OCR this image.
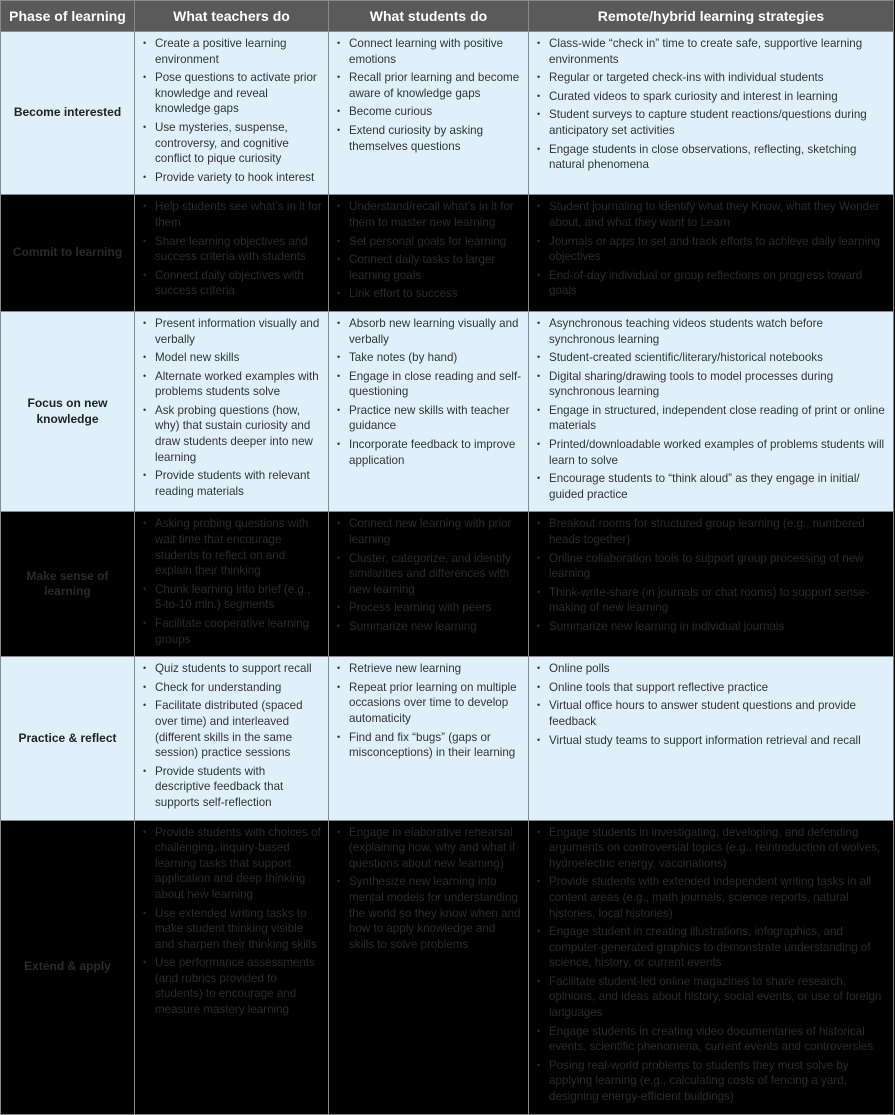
Phase of learning	What teachers do	What students do	Remote/hybrid learning strategies
Become interested	
• Create a positive learning environment
• Pose questions to activate prior knowledge and reveal knowledge gaps
• Use mysteries, suspense, controversy, and cognitive conflict to pique curiosity
• Provide variety to hook interest

• Connect learning with positive emotions
• Recall prior learning and become aware of knowledge gaps
• Become curious
• Extend curiosity by asking themselves questions

• Class-wide “check in” time to create safe, supportive learning environments
• Regular or targeted check-ins with individual students
• Curated videos to spark curiosity and interest in learning
• Student surveys to capture student reactions/questions during anticipatory set activities
• Engage students in close observations, reflecting, sketching natural phenomena

Commit to learning	
• Help students see what’s in it for them
• Share learning objectives and success criteria with students
• Connect daily objectives with success criteria

• Understand/recall what’s in it for them to master new learning
• Set personal goals for learning
• Connect daily tasks to larger learning goals
• Link effort to success

• Student journaling to identify what they Know, what they Wonder about, and what they want to Learn
• Journals or apps to set and track efforts to achieve daily learning objectives
• End-of-day individual or group reflections on progress toward goals

Focus on new knowledge	
• Present information visually and verbally
• Model new skills
• Alternate worked examples with problems students solve
• Ask probing questions (how, why) that sustain curiosity and draw students deeper into new learning
• Provide students with relevant reading materials

• Absorb new learning visually and verbally
• Take notes (by hand)
• Engage in close reading and self-questioning
• Practice new skills with teacher guidance
• Incorporate feedback to improve application

• Asynchronous teaching videos students watch before synchronous learning
• Student-created scientific/literary/historical notebooks
• Digital sharing/drawing tools to model processes during synchronous learning
• Engage in structured, independent close reading of print or online materials
• Printed/downloadable worked examples of problems students will learn to solve
• Encourage students to “think aloud” as they engage in initial/ guided practice

Make sense of learning	
• Asking probing questions with wait time that encourage students to reflect on and explain their thinking
• Chunk learning into brief (e.g., 5-to-10 min.) segments
• Facilitate cooperative learning groups

• Connect new learning with prior learning
• Cluster, categorize, and identify similarities and differences with new learning
• Process learning with peers
• Summarize new learning

• Breakout rooms for structured group learning (e.g., numbered heads together)
• Online collaboration tools to support group processing of new learning
• Think-write-share (in journals or chat rooms) to support sense-making of new learning
• Summarize new learning in individual journals

Practice & reflect	
• Quiz students to support recall
• Check for understanding
• Facilitate distributed (spaced over time) and interleaved (different skills in the same session) practice sessions
• Provide students with descriptive feedback that supports self-reflection

• Retrieve new learning
• Repeat prior learning on multiple occasions over time to develop automaticity
• Find and fix “bugs” (gaps or misconceptions) in their learning

• Online polls
• Online tools that support reflective practice
• Virtual office hours to answer student questions and provide feedback
• Virtual study teams to support information retrieval and recall

Extend & apply	
• Provide students with choices of challenging, inquiry-based learning tasks that support application and deep thinking about new learning
• Use extended writing tasks to make student thinking visible and sharpen their thinking skills
• Use performance assessments (and rubrics provided to students) to encourage and measure mastery learning

• Engage in elaborative rehearsal (explaining how, why and what if questions about new learning)
• Synthesize new learning into mental models for understanding the world so they know when and how to apply knowledge and skills to solve problems

• Engage students in investigating, developing, and defending arguments on controversial topics (e.g., reintroduction of wolves, hydroelectric energy, vaccinations)
• Provide students with extended independent writing tasks in all content areas (e.g., math journals, science reports, natural histories, local histories)
• Engage student in creating illustrations, infographics, and computer-generated graphics to demonstrate understanding of science, history, or current events
• Facilitate student-led online magazines to share research, opinions, and ideas about history, social events, or use of foreign languages
• Engage students in creating video documentaries of historical events, scientific phenomena, current events and controversies
• Posing real-world problems to students they must solve by applying learning (e.g., calculating costs of fencing a yard, designing energy-efficient buildings)
